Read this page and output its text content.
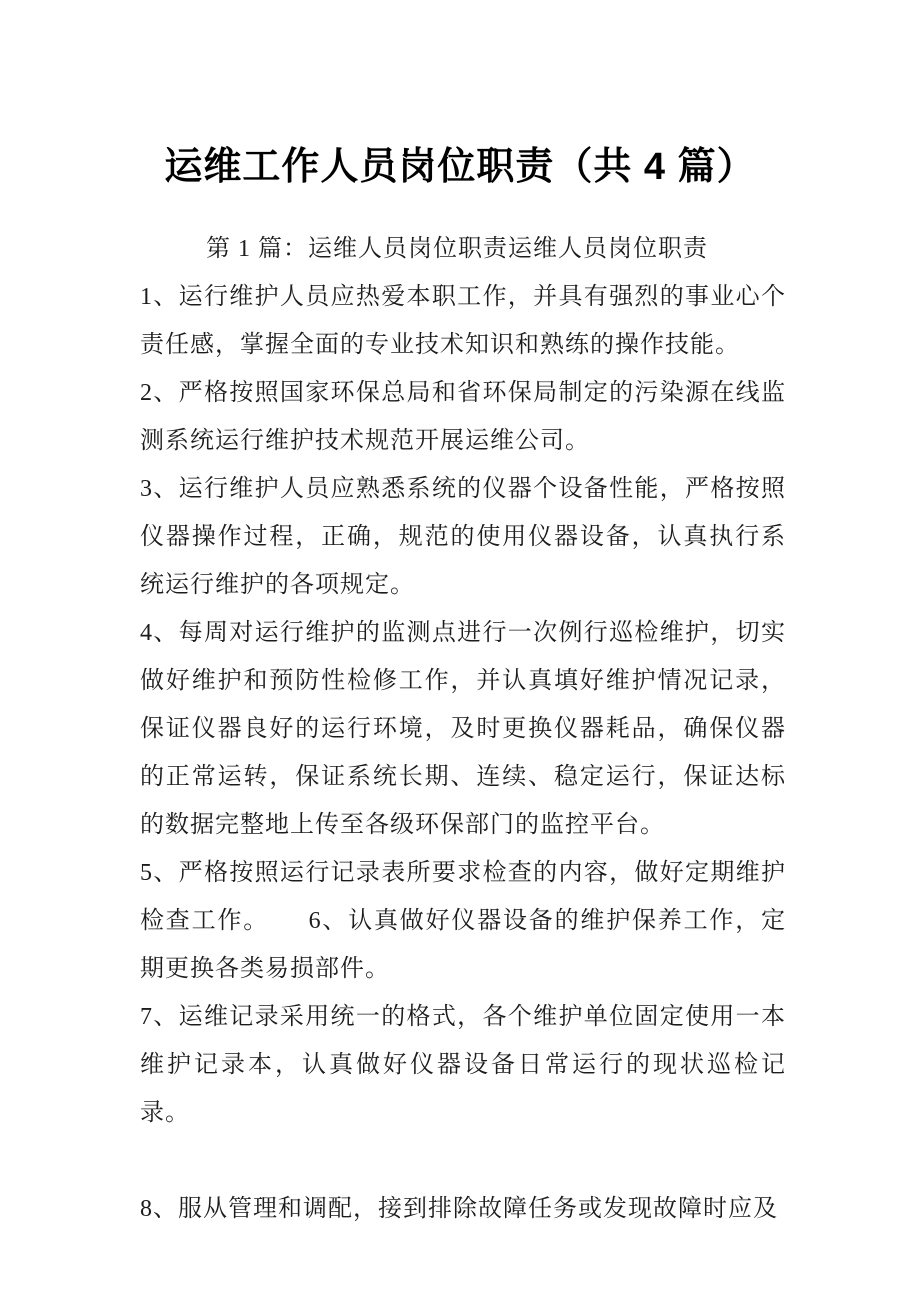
运维工作人员岗位职责（共 4 篇）

第 1 篇：运维人员岗位职责运维人员岗位职责

1、运行维护人员应热爱本职工作，并具有强烈的事业心个责任感，掌握全面的专业技术知识和熟练的操作技能。

2、严格按照国家环保总局和省环保局制定的污染源在线监测系统运行维护技术规范开展运维公司。

3、运行维护人员应熟悉系统的仪器个设备性能，严格按照仪器操作过程，正确，规范的使用仪器设备，认真执行系统运行维护的各项规定。

4、每周对运行维护的监测点进行一次例行巡检维护，切实做好维护和预防性检修工作，并认真填好维护情况记录，保证仪器良好的运行环境，及时更换仪器耗品，确保仪器的正常运转，保证系统长期、连续、稳定运行，保证达标的数据完整地上传至各级环保部门的监控平台。

5、严格按照运行记录表所要求检查的内容，做好定期维护检查工作。　　6、认真做好仪器设备的维护保养工作，定期更换各类易损部件。

7、运维记录采用统一的格式，各个维护单位固定使用一本维护记录本，认真做好仪器设备日常运行的现状巡检记录。

8、服从管理和调配，接到排除故障任务或发现故障时应及
